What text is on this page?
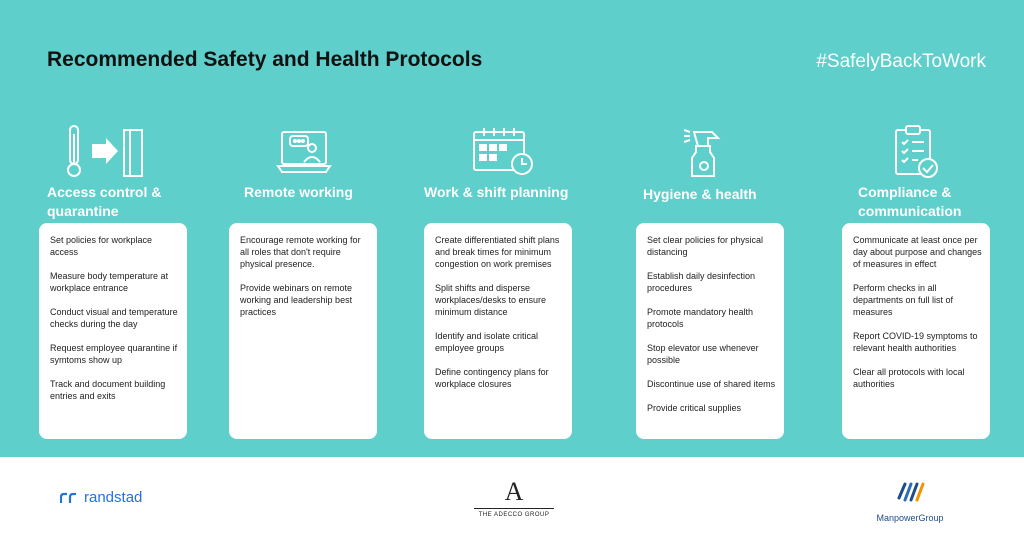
Recommended Safety and Health Protocols	#SafelyBackToWork
Access control & quarantine
Set policies for workplace access
Measure body temperature at workplace entrance
Conduct visual and temperature checks during the day
Request employee quarantine if symtoms show up
Track and document building entries and exits
Remote working
Encourage remote working for all roles that don't require physical presence.
Provide webinars on remote working and leadership best practices
Work & shift planning
Create differentiated shift plans and break times for minimum congestion on work premises
Split shifts and disperse workplaces/desks to ensure minimum distance
Identify and isolate critical employee groups
Define contingency plans for workplace closures
Hygiene & health
Set clear policies for physical distancing
Establish daily desinfection procedures
Promote mandatory health protocols
Stop elevator use whenever possible
Discontinue use of shared items
Provide critical supplies
Compliance & communication
Communicate at least once per day about purpose and changes of measures in effect
Perform checks in all departments on full list of measures
Report COVID-19 symptoms to relevant health authorities
Clear all protocols with local authorities
randstad	A
THE ADECCO GROUP	ManpowerGroup
